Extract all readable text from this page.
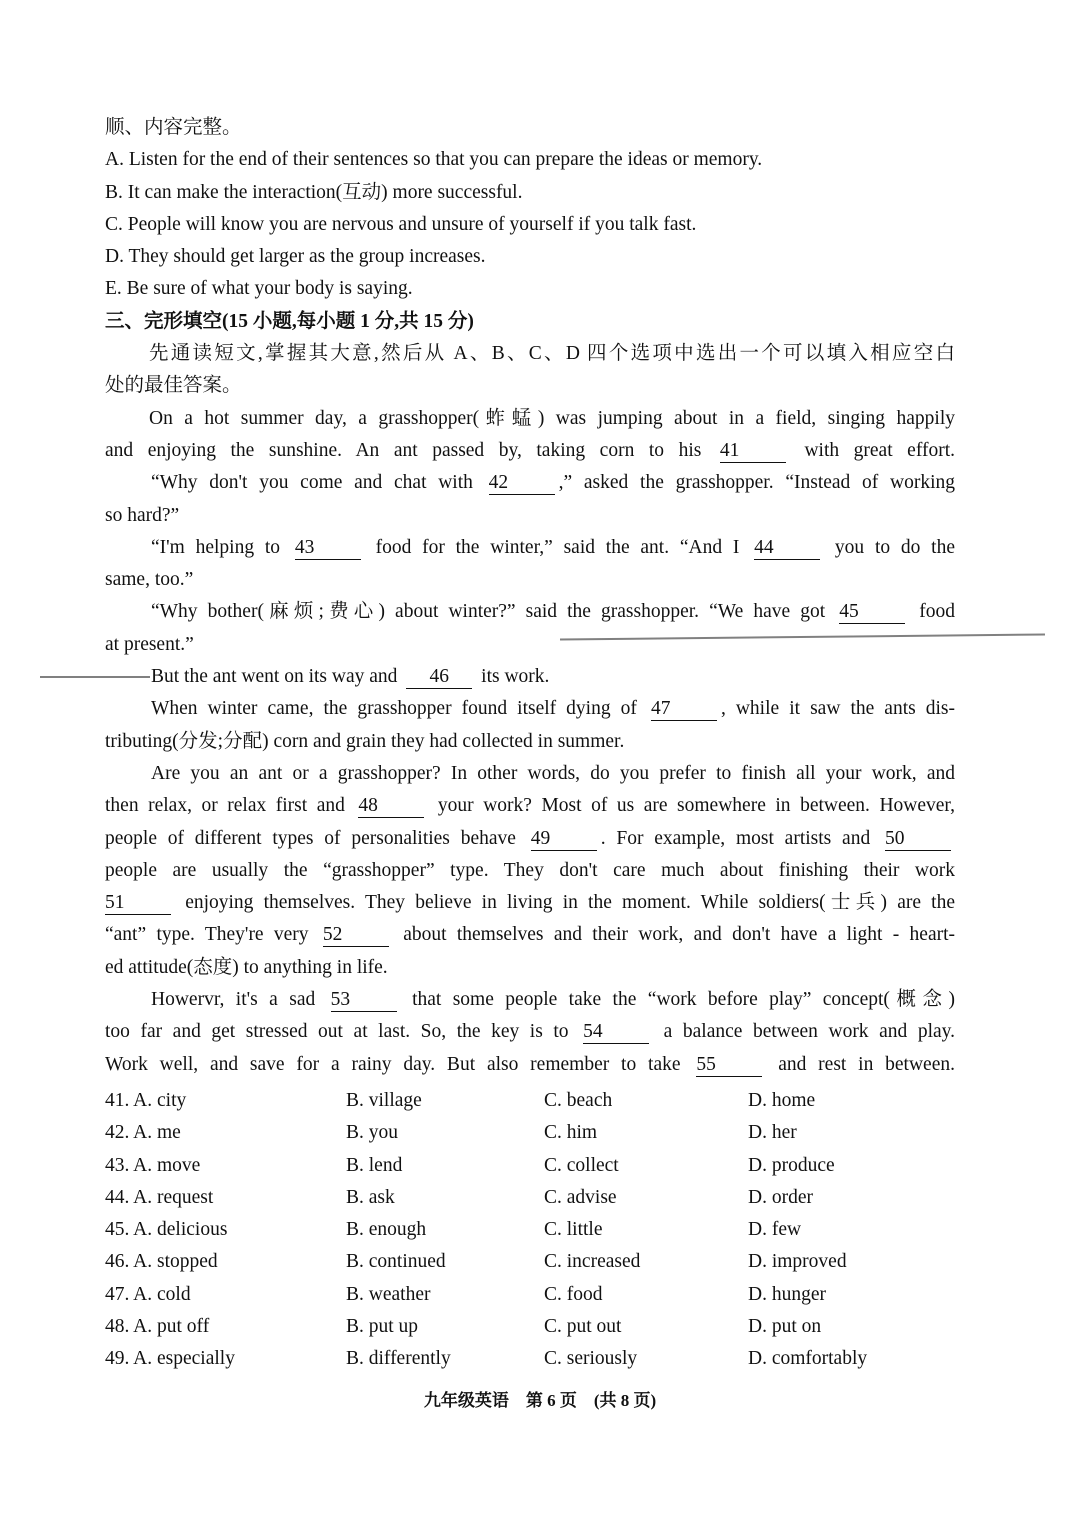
顺、内容完整。
A. Listen for the end of their sentences so that you can prepare the ideas or memory.
B. It can make the interaction(互动) more successful.
C. People will know you are nervous and unsure of yourself if you talk fast.
D. They should get larger as the group increases.
E. Be sure of what your body is saying.
三、完形填空(15 小题,每小题 1 分,共 15 分)
先通读短文,掌握其大意,然后从 A、B、C、D 四个选项中选出一个可以填入相应空白
处的最佳答案。
On a hot summer day, a grasshopper(蚱蜢) was jumping about in a field, singing happily
and enjoying the sunshine. An ant passed by, taking corn to his 41	with great effort.
“Why don't you come and chat with 42	,” asked the grasshopper. “Instead of working
so hard?”
“I'm helping to 43	food for the winter,” said the ant. “And I 44	you to do the
same, too.”
“Why bother(麻烦;费心) about winter?” said the grasshopper. “We have got 45	food
at present.”
But the ant went on its way and 46 its work.
When winter came, the grasshopper found itself dying of 47	, while it saw the ants dis-
tributing(分发;分配) corn and grain they had collected in summer.
Are you an ant or a grasshopper? In other words, do you prefer to finish all your work, and
then relax, or relax first and 48	your work? Most of us are somewhere in between. However,
people of different types of personalities behave 49	. For example, most artists and 50
people are usually the “grasshopper” type. They don't care much about finishing their work
51	enjoying themselves. They believe in living in the moment. While soldiers(士兵) are the
“ant” type. They're very 52	about themselves and their work, and don't have a light - heart-
ed attitude(态度) to anything in life.
Howervr, it's a sad 53	that some people take the “work before play” concept(概念)
too far and get stressed out at last. So, the key is to 54	a balance between work and play.
Work well, and save for a rainy day. But also remember to take 55	and rest in between.
41. A. city	B. village	C. beach	D. home
42. A. me	B. you	C. him	D. her
43. A. move	B. lend	C. collect	D. produce
44. A. request	B. ask	C. advise	D. order
45. A. delicious	B. enough	C. little	D. few
46. A. stopped	B. continued	C. increased	D. improved
47. A. cold	B. weather	C. food	D. hunger
48. A. put off	B. put up	C. put out	D. put on
49. A. especially	B. differently	C. seriously	D. comfortably
九年级英语　第 6 页　(共 8 页)
